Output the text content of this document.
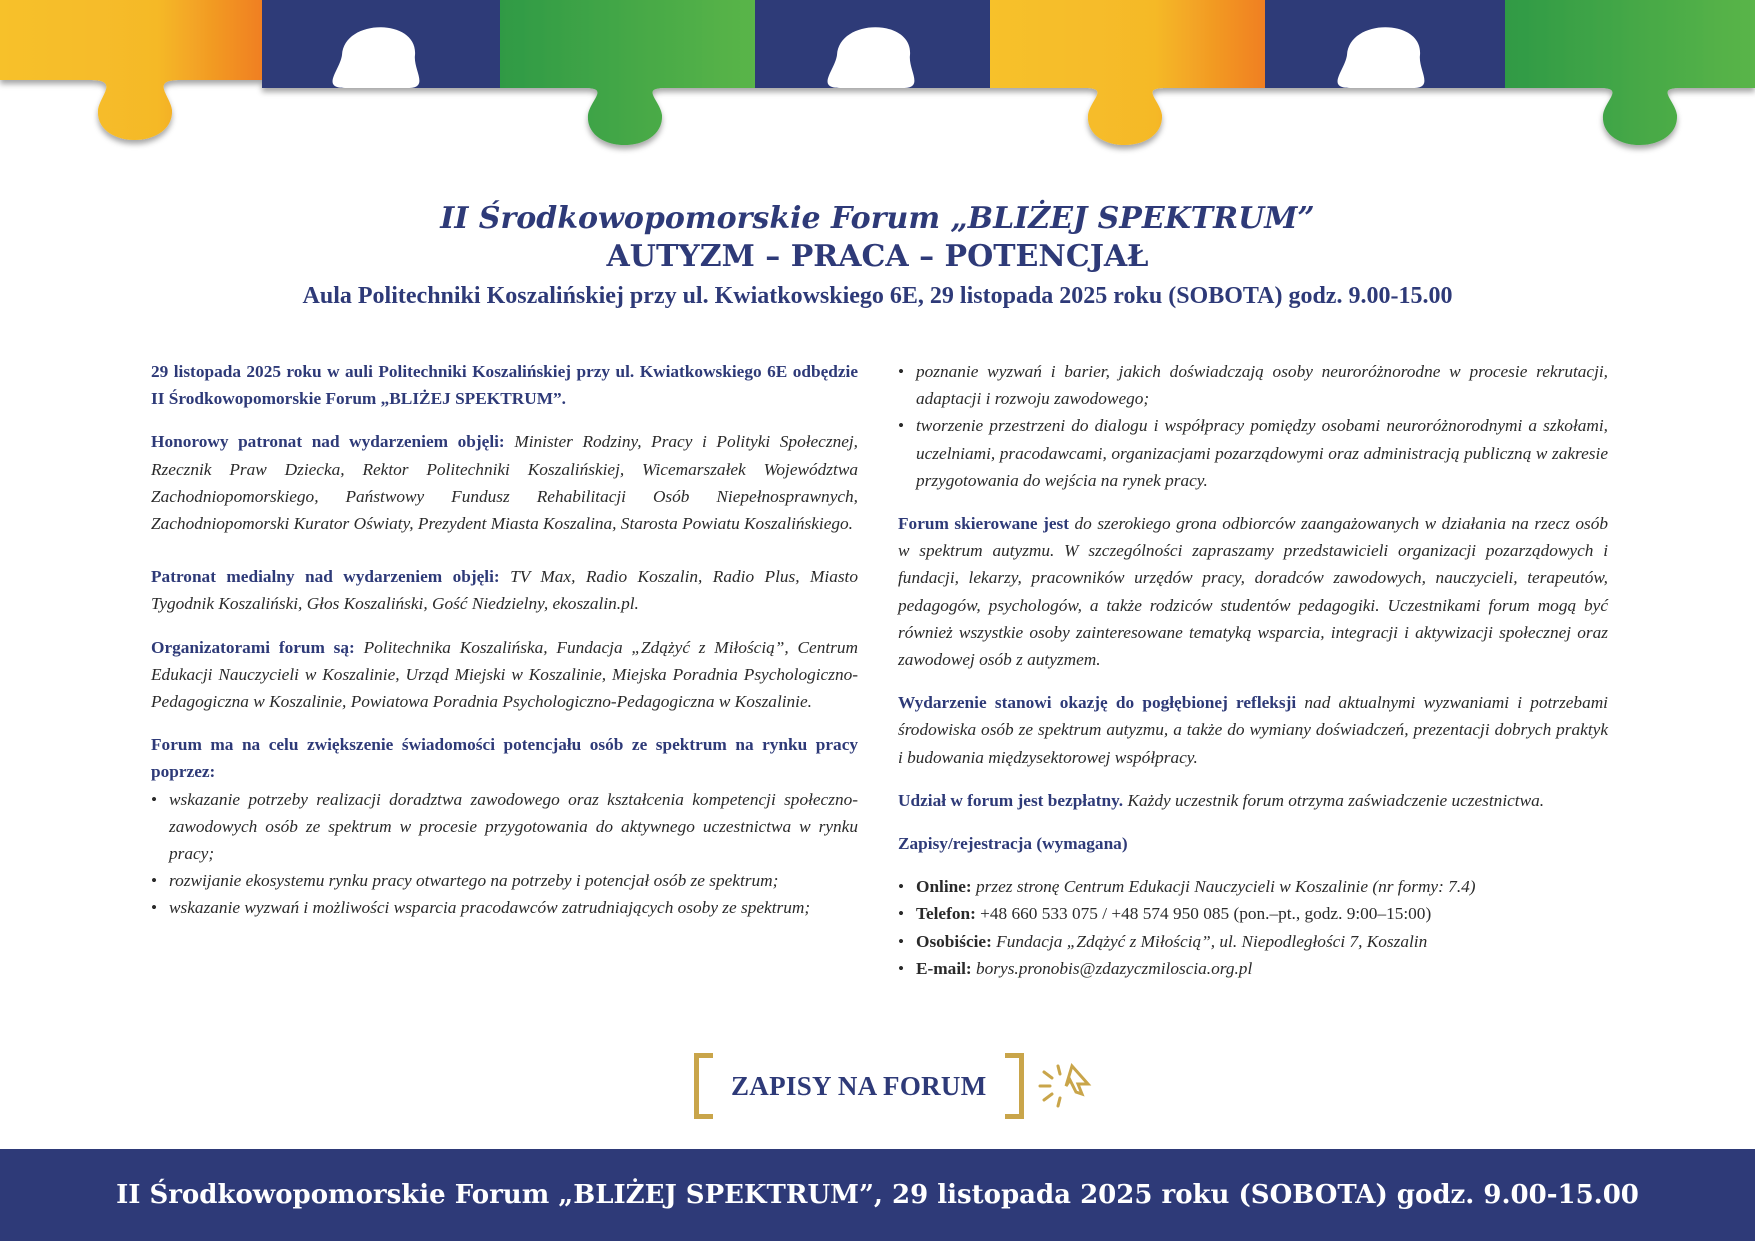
II Środkowopomorskie Forum „BLIŻEJ SPEKTRUM”
AUTYZM – PRACA – POTENCJAŁ
Aula Politechniki Koszalińskiej przy ul. Kwiatkowskiego 6E, 29 listopada 2025 roku (SOBOTA) godz. 9.00-15.00

29 listopada 2025 roku w auli Politechniki Koszalińskiej przy ul. Kwiatkowskiego 6E odbędzie II Środkowopomorskie Forum „BLIŻEJ SPEKTRUM”.

Honorowy patronat nad wydarzeniem objęli: Minister Rodziny, Pracy i Polityki Społecznej, Rzecznik Praw Dziecka, Rektor Politechniki Koszalińskiej, Wicemarszałek Województwa Zachodniopomorskiego, Państwowy Fundusz Rehabilitacji Osób Niepełnosprawnych, Zachodniopomorski Kurator Oświaty, Prezydent Miasta Koszalina, Starosta Powiatu Koszalińskiego.

Patronat medialny nad wydarzeniem objęli: TV Max, Radio Koszalin, Radio Plus, Miasto Tygodnik Koszaliński, Głos Koszaliński, Gość Niedzielny, ekoszalin.pl.

Organizatorami forum są: Politechnika Koszalińska, Fundacja „Zdążyć z Miłością”, Centrum Edukacji Nauczycieli w Koszalinie, Urząd Miejski w Koszalinie, Miejska Poradnia Psychologiczno-Pedagogiczna w Koszalinie, Powiatowa Poradnia Psychologiczno-Pedagogiczna w Koszalinie.

Forum ma na celu zwiększenie świadomości potencjału osób ze spektrum na rynku pracy poprzez:

• wskazanie potrzeby realizacji doradztwa zawodowego oraz kształcenia kompetencji społeczno-zawodowych osób ze spektrum w procesie przygotowania do aktywnego uczestnictwa w rynku pracy;
• rozwijanie ekosystemu rynku pracy otwartego na potrzeby i potencjał osób ze spektrum;
• wskazanie wyzwań i możliwości wsparcia pracodawców zatrudniających osoby ze spektrum;
• poznanie wyzwań i barier, jakich doświadczają osoby neuroróżnorodne w procesie rekrutacji, adaptacji i rozwoju zawodowego;
• tworzenie przestrzeni do dialogu i współpracy pomiędzy osobami neuroróżnorodnymi a szkołami, uczelniami, pracodawcami, organizacjami pozarządowymi oraz administracją publiczną w zakresie przygotowania do wejścia na rynek pracy.

Forum skierowane jest do szerokiego grona odbiorców zaangażowanych w działania na rzecz osób w spektrum autyzmu. W szczególności zapraszamy przedstawicieli organizacji pozarządowych i fundacji, lekarzy, pracowników urzędów pracy, doradców zawodowych, nauczycieli, terapeutów, pedagogów, psychologów, a także rodziców studentów pedagogiki. Uczestnikami forum mogą być również wszystkie osoby zainteresowane tematyką wsparcia, integracji i aktywizacji społecznej oraz zawodowej osób z autyzmem.

Wydarzenie stanowi okazję do pogłębionej refleksji nad aktualnymi wyzwaniami i potrzebami środowiska osób ze spektrum autyzmu, a także do wymiany doświadczeń, prezentacji dobrych praktyk i budowania międzysektorowej współpracy.

Udział w forum jest bezpłatny. Każdy uczestnik forum otrzyma zaświadczenie uczestnictwa.

Zapisy/rejestracja (wymagana)

• Online: przez stronę Centrum Edukacji Nauczycieli w Koszalinie (nr formy: 7.4)
• Telefon: +48 660 533 075 / +48 574 950 085 (pon.–pt., godz. 9:00–15:00)
• Osobiście: Fundacja „Zdążyć z Miłością”, ul. Niepodległości 7, Koszalin
• E-mail: borys.pronobis@zdazyczmiloscia.org.pl
ZAPISY NA FORUM
II Środkowopomorskie Forum „BLIŻEJ SPEKTRUM”, 29 listopada 2025 roku (SOBOTA) godz. 9.00-15.00
